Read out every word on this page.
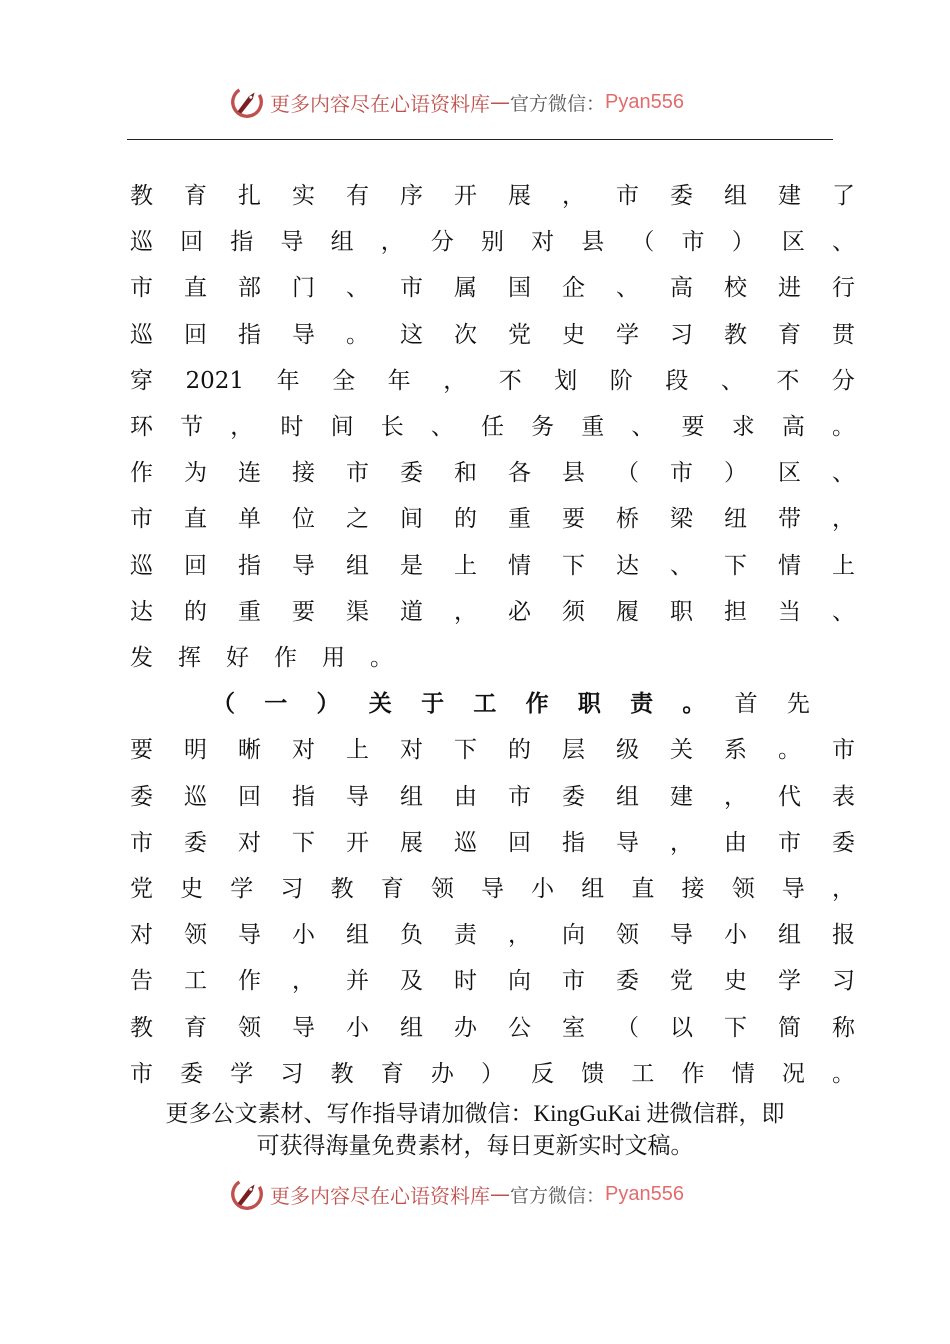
更多内容尽在心语资料库 — 官方微信： Pyan556
教 育 扎 实 有 序 开 展 ， 市 委 组 建 了
巡 回 指 导 组 ， 分 别 对 县 （ 市 ） 区 、
市 直 部 门 、 市 属 国 企 、 高 校 进 行
巡 回 指 导 。 这 次 党 史 学 习 教 育 贯
穿 2021 年 全 年 ， 不 划 阶 段 、 不 分
环 节 ， 时 间 长 、 任 务 重 、 要 求 高 。
作 为 连 接 市 委 和 各 县 （ 市 ） 区 、
市 直 单 位 之 间 的 重 要 桥 梁 纽 带 ，
巡 回 指 导 组 是 上 情 下 达 、 下 情 上
达 的 重 要 渠 道 ， 必 须 履 职 担 当 、
发 挥 好 作 用 。
（ 一 ） 关 于 工 作 职 责 。 首 先
要 明 晰 对 上 对 下 的 层 级 关 系 。 市
委 巡 回 指 导 组 由 市 委 组 建 ， 代 表
市 委 对 下 开 展 巡 回 指 导 ， 由 市 委
党 史 学 习 教 育 领 导 小 组 直 接 领 导 ，
对 领 导 小 组 负 责 ， 向 领 导 小 组 报
告 工 作 ， 并 及 时 向 市 委 党 史 学 习
教 育 领 导 小 组 办 公 室 （ 以 下 简 称
市 委 学 习 教 育 办 ） 反 馈 工 作 情 况 。
更多公文素材、写作指导请加微信：KingGuKai 进微信群，即
可获得海量免费素材，每日更新实时文稿。
更多内容尽在心语资料库 — 官方微信： Pyan556
